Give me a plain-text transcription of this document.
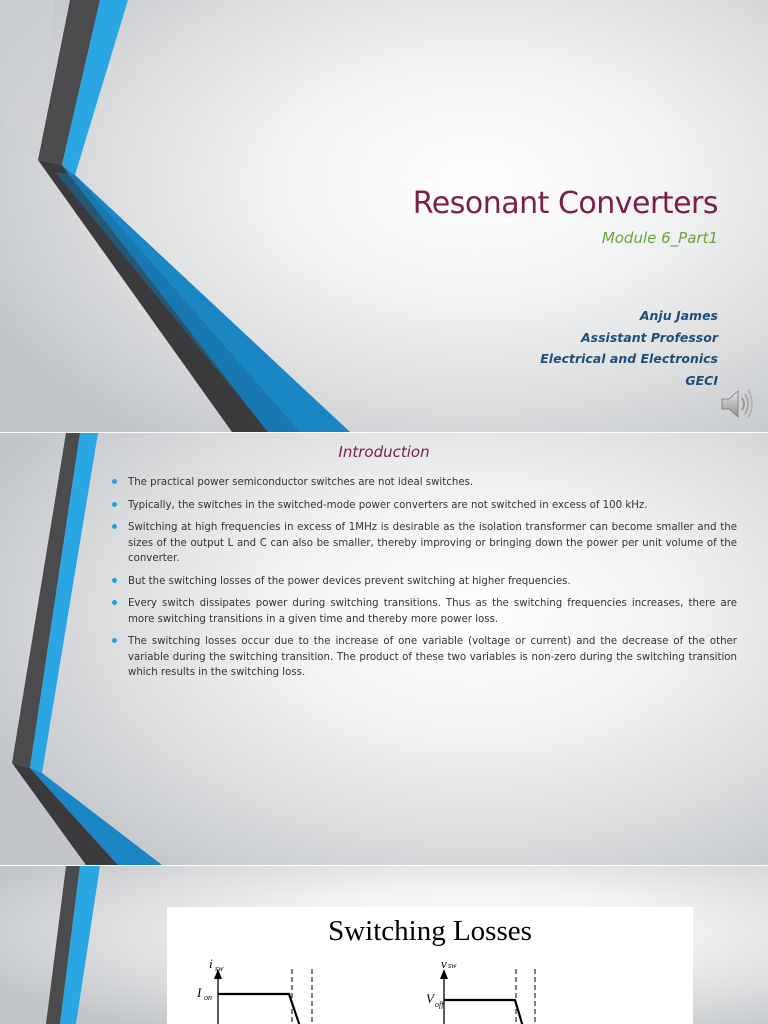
Resonant Converters
Module 6_Part1
Anju James
Assistant Professor
Electrical and Electronics
GECI
Introduction
The practical power semiconductor switches are not ideal switches.
Typically, the switches in the switched-mode power converters are not switched in excess of 100 kHz.
Switching at high frequencies in excess of 1MHz is desirable as the isolation transformer can become smaller and the sizes of the output L and C can also be smaller, thereby improving or bringing down the power per unit volume of the converter.
But the switching losses of the power devices prevent switching at higher frequencies.
Every switch dissipates power during switching transitions. Thus as the switching frequencies increases, there are more switching transitions in a given time and thereby more power loss.
The switching losses occur due to the increase of one variable (voltage or current) and the decrease of the other variable during the switching transition. The product of these two variables is non-zero during the switching transition which results in the switching loss.
Switching Losses
i sw
I on
v sw
V off
